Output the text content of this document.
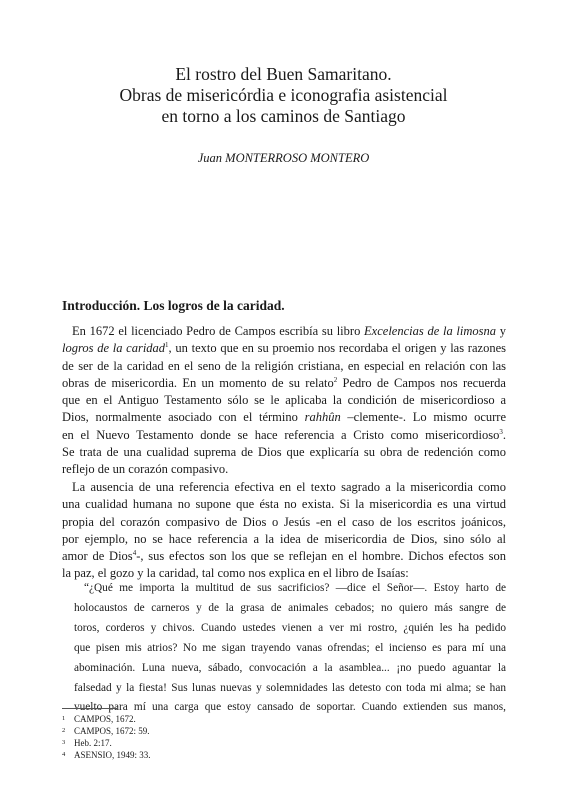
El rostro del Buen Samaritano.
Obras de misericórdia e iconografia asistencial
en torno a los caminos de Santiago
Juan MONTERROSO MONTERO
Introducción. Los logros de la caridad.
En 1672 el licenciado Pedro de Campos escribía su libro Excelencias de la limosna y
logros de la caridad$^1$, un texto que en su proemio nos recordaba el origen y las razones
de ser de la caridad en el seno de la religión cristiana, en especial en relación con las
obras de misericordia. En un momento de su relato$^2$ Pedro de Campos nos recuerda
que en el Antiguo Testamento sólo se le aplicaba la condición de misericordioso a
Dios, normalmente asociado con el término rahhûn –clemente-. Lo mismo ocurre
en el Nuevo Testamento donde se hace referencia a Cristo como misericordioso$^3$.
Se trata de una cualidad suprema de Dios que explicaría su obra de redención como
reflejo de un corazón compasivo.
La ausencia de una referencia efectiva en el texto sagrado a la misericordia como
una cualidad humana no supone que ésta no exista. Si la misericordia es una virtud
propia del corazón compasivo de Dios o Jesús -en el caso de los escritos joánicos,
por ejemplo, no se hace referencia a la idea de misericordia de Dios, sino sólo al
amor de Dios$^4$-, sus efectos son los que se reflejan en el hombre. Dichos efectos son
la paz, el gozo y la caridad, tal como nos explica en el libro de Isaías:
“¿Qué me importa la multitud de sus sacrificios? —dice el Señor—. Estoy harto de
holocaustos de carneros y de la grasa de animales cebados; no quiero más sangre de
toros, corderos y chivos. Cuando ustedes vienen a ver mi rostro, ¿quién les ha pedido
que pisen mis atrios? No me sigan trayendo vanas ofrendas; el incienso es para mí una
abominación. Luna nueva, sábado, convocación a la asamblea... ¡no puedo aguantar la
falsedad y la fiesta! Sus lunas nuevas y solemnidades las detesto con toda mi alma; se han
vuelto para mí una carga que estoy cansado de soportar. Cuando extienden sus manos,
1 CAMPOS, 1672.
2 CAMPOS, 1672: 59.
3 Heb. 2:17.
4 ASENSIO, 1949: 33.
